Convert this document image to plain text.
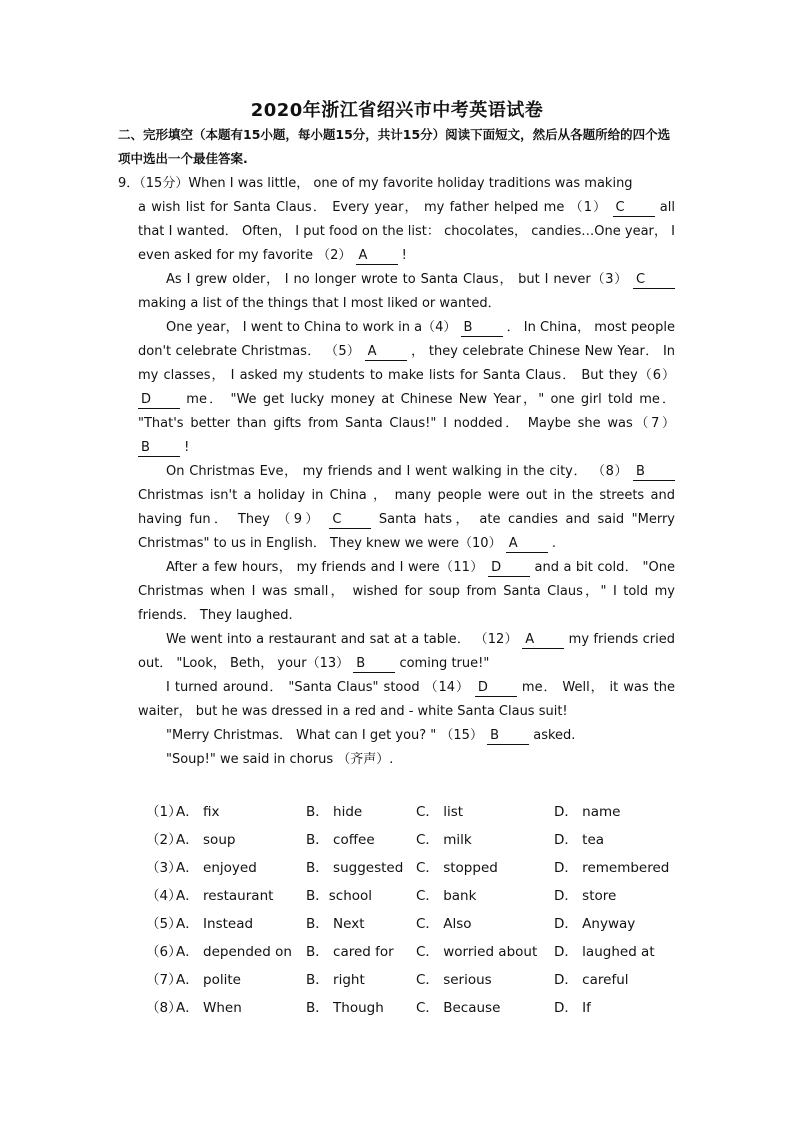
2020年浙江省绍兴市中考英语试卷
二、完形填空（本题有15小题，每小题15分，共计15分）阅读下面短文，然后从各题所给的四个选项中选出一个最佳答案.
9．（15分）When I was little， one of my favorite holiday traditions was making

a wish list for Santa Claus． Every year， my father helped me （1） C	all that I wanted． Often， I put food on the list： chocolates， candies…One year， I even asked for my favorite （2） A	!

As I grew older， I no longer wrote to Santa Claus， but I never（3） C making a list of the things that I most liked or wanted．

One year， I went to China to work in a（4） B	． In China， most people don't celebrate Christmas． （5） A	， they celebrate Chinese New Year． In my classes， I asked my students to make lists for Santa Claus． But they（6） D	me． "We get lucky money at Chinese New Year，" one girl told me． "That's better than gifts from Santa Claus!" I nodded． Maybe she was（7） B	!

On Christmas Eve， my friends and I went walking in the city． （8） B Christmas isn't a holiday in China ， many people were out in the streets and having fun． They （9） C	Santa hats， ate candies and said "Merry Christmas" to us in English． They knew we were（10） A	.

After a few hours， my friends and I were（11） D	and a bit cold． "One Christmas when I was small， wished for soup from Santa Claus，" I told my friends． They laughed.

We went into a restaurant and sat at a table． （12） A	my friends cried out． "Look， Beth， your（13） B	coming true!"

I turned around． "Santa Claus" stood （14） D	me． Well， it was the waiter， but he was dressed in a red and - white Santa Claus suit!

"Merry Christmas． What can I get you? " （15） B	asked.

"Soup!" we said in chorus （齐声）.

（1）
A． fix	B． hide	C． list	D． name
（2）
A． soup	B． coffee	C． milk	D． tea
（3）
A． enjoyed	B． suggested C． stopped	D． remembered
（4）
A． restaurant B．school	C． bank	D． store
（5）
A． Instead	B． Next	C． Also	D． Anyway
（6）
A． depended on B． cared for C． worried about D． laughed at
（7）
A． polite	B． right	C． serious	D． careful
（8）
A． When	B． Though C． Because	D． If
